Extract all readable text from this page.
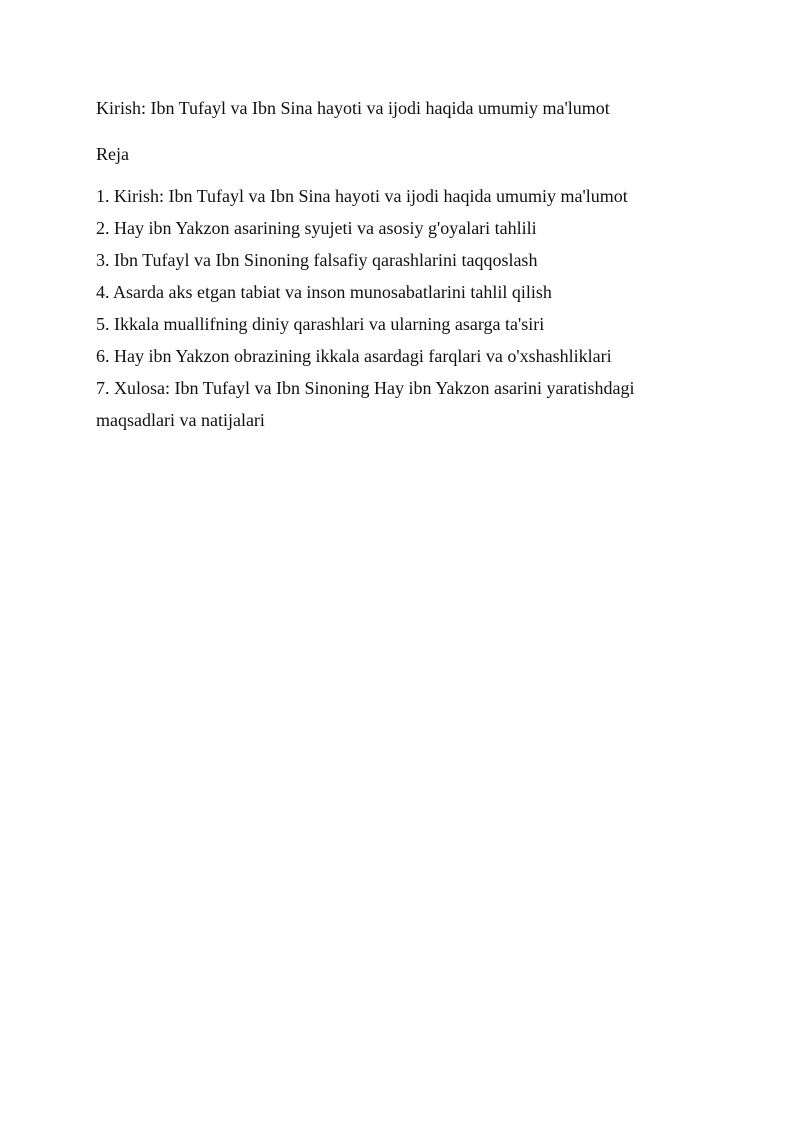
Kirish: Ibn Tufayl va Ibn Sina hayoti va ijodi haqida umumiy ma'lumot
Reja
1. Kirish: Ibn Tufayl va Ibn Sina hayoti va ijodi haqida umumiy ma'lumot
2. Hay ibn Yakzon asarining syujeti va asosiy g'oyalari tahlili
3. Ibn Tufayl va Ibn Sinoning falsafiy qarashlarini taqqoslash
4. Asarda aks etgan tabiat va inson munosabatlarini tahlil qilish
5. Ikkala muallifning diniy qarashlari va ularning asarga ta'siri
6. Hay ibn Yakzon obrazining ikkala asardagi farqlari va o'xshashliklari
7. Xulosa: Ibn Tufayl va Ibn Sinoning Hay ibn Yakzon asarini yaratishdagi maqsadlari va natijalari
